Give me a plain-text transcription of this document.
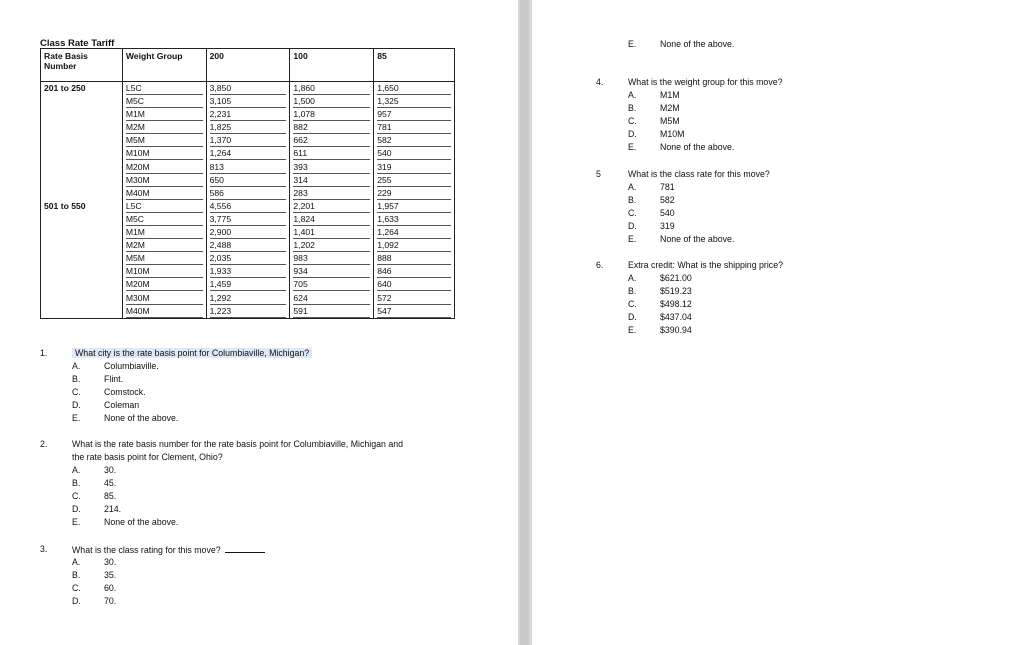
Class Rate Tariff
Rate Basis Number	Weight Group	200	100	85
201 to 250	L5C	3,850	1,860	1,650

	M5C	3,105	1,500	1,325

	M1M	2,231	1,078	957

	M2M	1,825	882	781

	M5M	1,370	662	582

	M10M	1,264	611	540

	M20M	813	393	319

	M30M	650	314	255

	M40M	586	283	229

501 to 550	L5C	4,556	2,201	1,957

	M5C	3,775	1,824	1,633

	M1M	2,900	1,401	1,264

	M2M	2,488	1,202	1,092

	M5M	2,035	983	888

	M10M	1,933	934	846

	M20M	1,459	705	640

	M30M	1,292	624	572

	M40M	1,223	591	547
1.	What city is the rate basis point for Columbiaville, Michigan?
A.	Columbiaville.
B.	Flint.
C.	Comstock.
D.	Coleman
E.	None of the above.
2.	What is the rate basis number for the rate basis point for Columbiaville, Michigan and
the rate basis point for Clement, Ohio?
A.	30.
B.	45.
C.	85.
D.	214.
E.	None of the above.
3.	What is the class rating for this move?
A.	30.
B.	35.
C.	60.
D.	70.
E.	None of the above.
4.	What is the weight group for this move?
A.	M1M
B.	M2M
C.	M5M
D.	M10M
E.	None of the above.
5	What is the class rate for this move?
A.	781
B.	582
C.	540
D.	319
E.	None of the above.
6.	Extra credit: What is the shipping price?
A.	$621.00
B.	$519.23
C.	$498.12
D.	$437.04
E.	$390.94
